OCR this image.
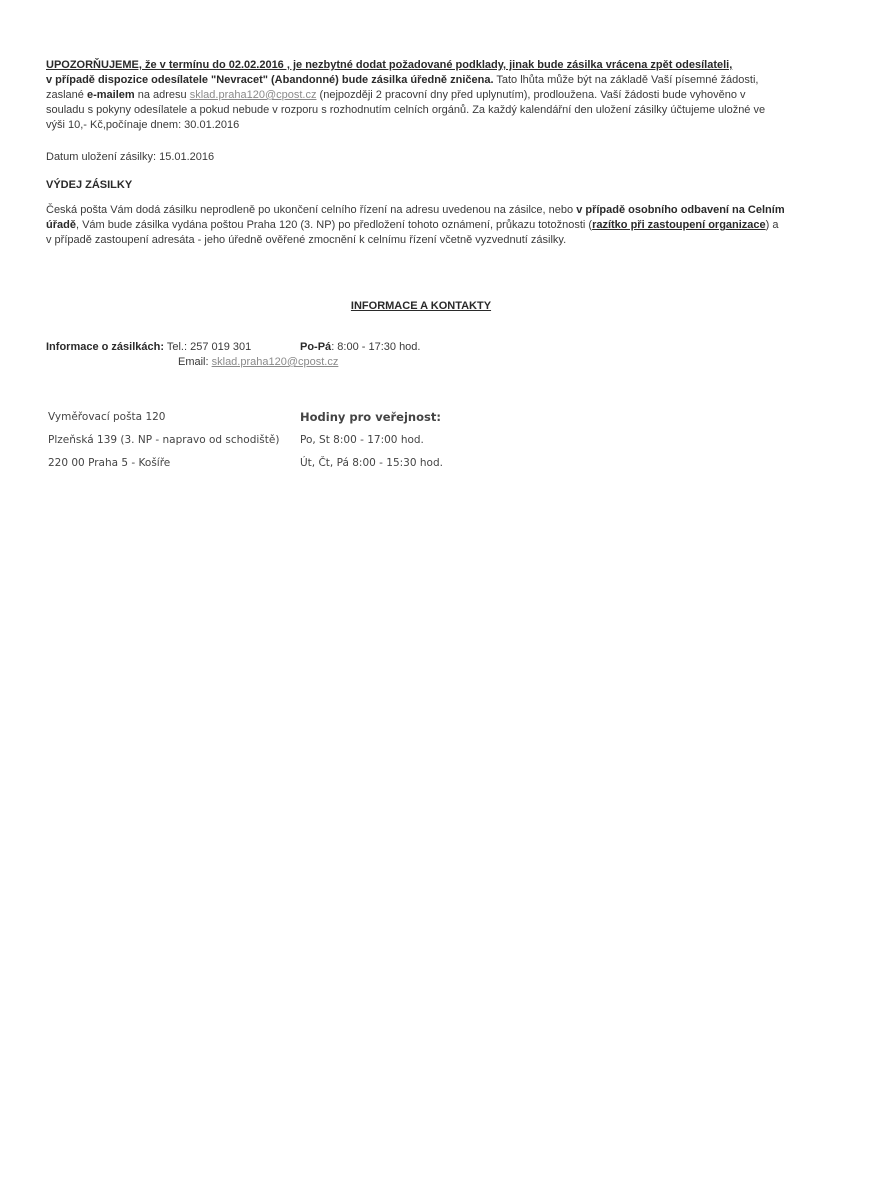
UPOZORŇUJEME, že v termínu do 02.02.2016 , je nezbytné dodat požadované podklady, jinak bude zásilka vrácena zpět odesílateli,
v případě dispozice odesílatele "Nevracet" (Abandonné) bude zásilka úředně zničena. Tato lhůta může být na základě Vaší písemné žádosti, zaslané e-mailem na adresu sklad.praha120@cpost.cz (nejpozději 2 pracovní dny před uplynutím), prodloužena. Vaší žádosti bude vyhověno v souladu s pokyny odesílatele a pokud nebude v rozporu s rozhodnutím celních orgánů. Za každý kalendářní den uložení zásilky účtujeme uložné ve výši 10,- Kč,počínaje dnem: 30.01.2016
Datum uložení zásilky: 15.01.2016
VÝDEJ ZÁSILKY
Česká pošta Vám dodá zásilku neprodleně po ukončení celního řízení na adresu uvedenou na zásilce, nebo v případě osobního odbavení na Celním úřadě, Vám bude zásilka vydána poštou Praha 120 (3. NP) po předložení tohoto oznámení, průkazu totožnosti (razítko při zastoupení organizace) a v případě zastoupení adresáta - jeho úředně ověřené zmocnění k celnímu řízení včetně vyzvednutí zásilky.
INFORMACE A KONTAKTY
Informace o zásilkách: Tel.: 257 019 301	Po-Pá: 8:00 - 17:30 hod.
Email: sklad.praha120@cpost.cz
Vyměřovací pošta 120
Plzeňská 139 (3. NP - napravo od schodiště)
220 00 Praha 5 - Košíře
Hodiny pro veřejnost:
Po, St 8:00 - 17:00 hod.
Út, Čt, Pá 8:00 - 15:30 hod.
